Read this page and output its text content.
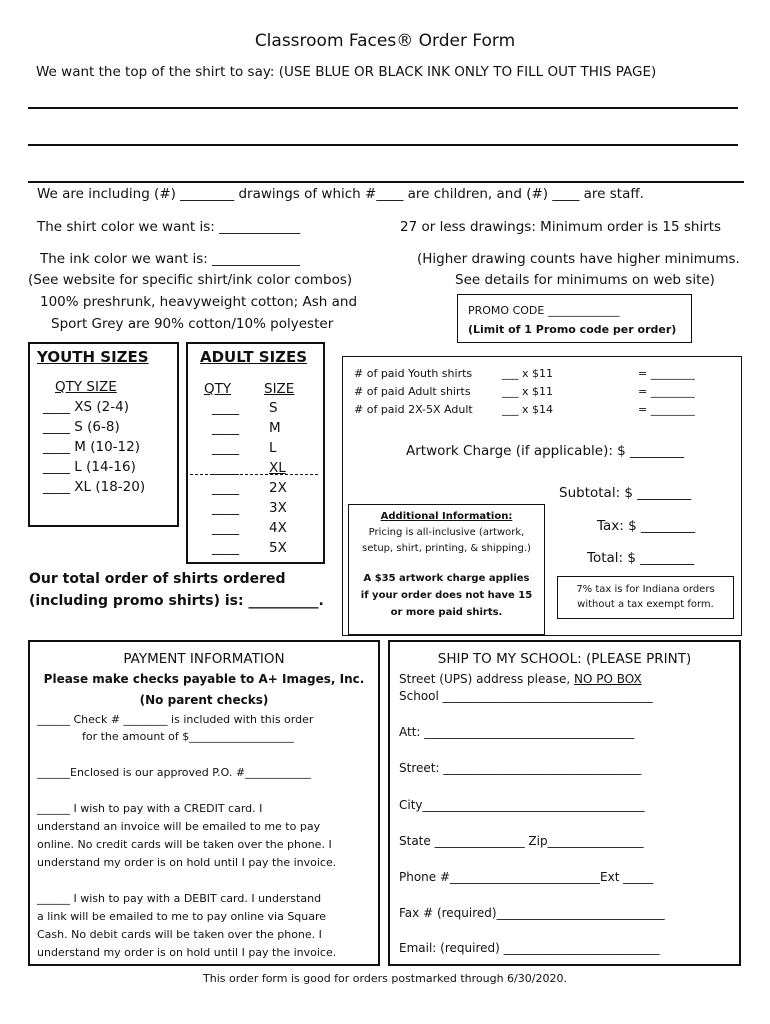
Classroom Faces® Order Form
We want the top of the shirt to say: (USE BLUE OR BLACK INK ONLY TO FILL OUT THIS PAGE)
We are including (#) ________ drawings of which #____ are children, and (#) ____ are staff.
The shirt color we want is: ____________	27 or less drawings: Minimum order is 15 shirts
The ink color we want is: _____________	(Higher drawing counts have higher minimums.
(See website for specific shirt/ink color combos)	See details for minimums on web site)
100% preshrunk, heavyweight cotton; Ash and
Sport Grey are 90% cotton/10% polyester
PROMO CODE _____________
(Limit of 1 Promo code per order)
YOUTH SIZES
QTY SIZE
____ XS (2-4)
____ S (6-8)
____ M (10-12)
____ L (14-16)
____ XL (18-20)
ADULT SIZES
QTY SIZE
____ S
____ M
____ L
____ XL
____ 2X
____ 3X
____ 4X
____ 5X
# of paid Youth shirts	___ x $11	= ________
# of paid Adult shirts	___ x $11	= ________
# of paid 2X-5X Adult	___ x $14	= ________
Artwork Charge (if applicable): $ ________
Subtotal: $ ________
Tax: $ ________
Total: $ ________
Additional Information:
Pricing is all-inclusive (artwork,
setup, shirt, printing, & shipping.)
A $35 artwork charge applies
if your order does not have 15
or more paid shirts.
7% tax is for Indiana orders
without a tax exempt form.
Our total order of shirts ordered
(including promo shirts) is: __________.
PAYMENT INFORMATION
Please make checks payable to A+ Images, Inc.
(No parent checks)
______ Check # ________ is included with this order
for the amount of $___________________
______Enclosed is our approved P.O. #____________
______ I wish to pay with a CREDIT card. I
understand an invoice will be emailed to me to pay
online. No credit cards will be taken over the phone. I
understand my order is on hold until I pay the invoice.
______ I wish to pay with a DEBIT card. I understand
a link will be emailed to me to pay online via Square
Cash. No debit cards will be taken over the phone. I
understand my order is on hold until I pay the invoice.
SHIP TO MY SCHOOL: (PLEASE PRINT)
Street (UPS) address please, NO PO BOX
School ___________________________________
Att: ___________________________________
Street: _________________________________
City_____________________________________
State _______________ Zip________________
Phone #_________________________Ext _____
Fax # (required)____________________________
Email: (required) __________________________
This order form is good for orders postmarked through 6/30/2020.
